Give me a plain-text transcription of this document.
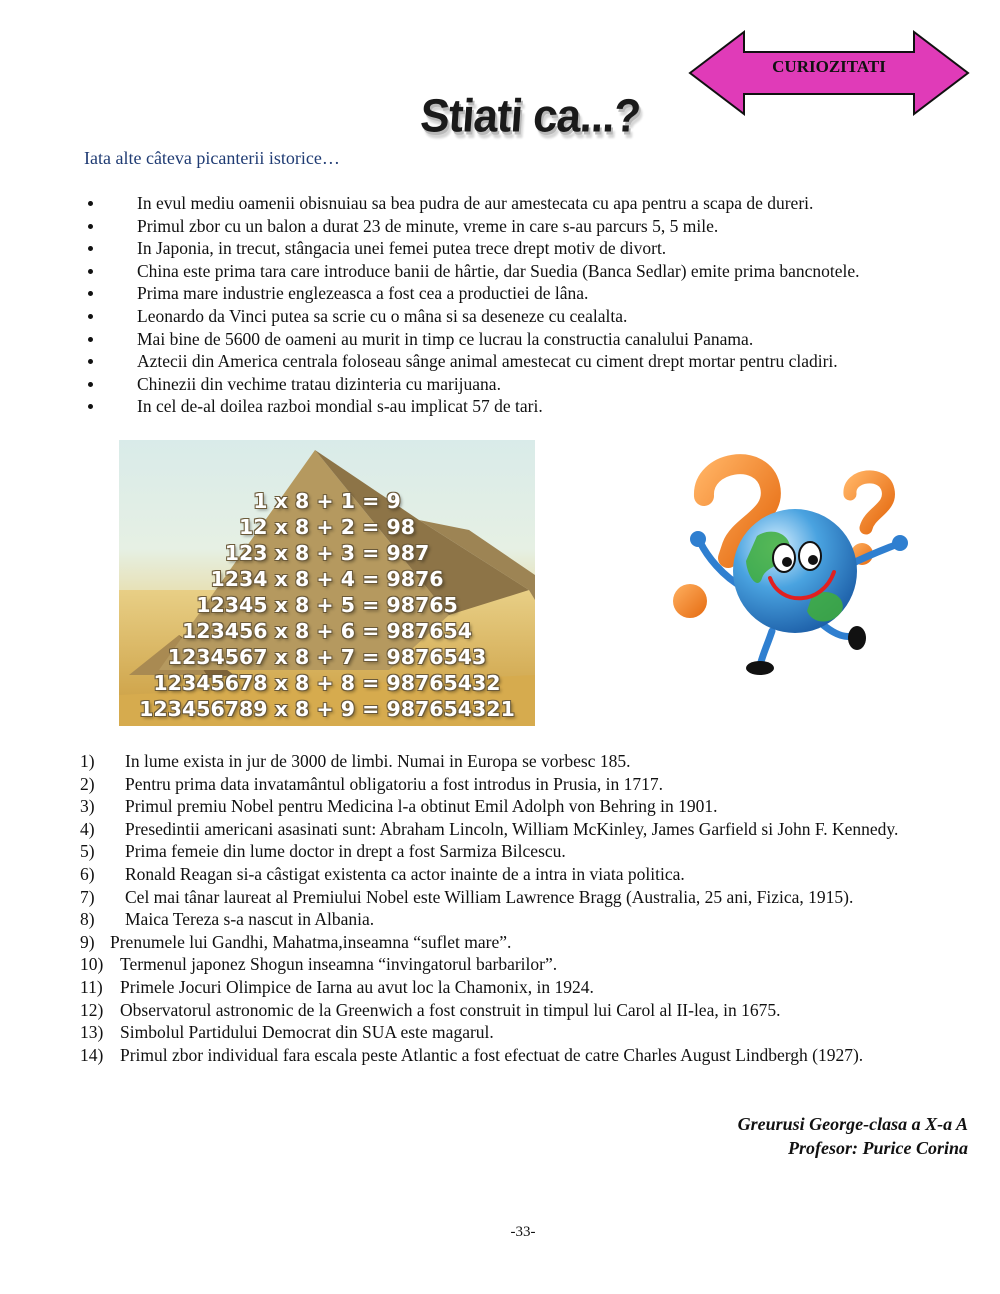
CURIOZITATI
Stiati ca...?
Iata alte câteva picanterii istorice…
In evul mediu oamenii obisnuiau sa bea pudra de aur amestecata cu apa pentru a scapa de dureri.
Primul zbor cu un balon a durat 23 de minute, vreme in care s-au parcurs 5, 5 mile.
In Japonia, in trecut, stângacia unei femei putea trece drept motiv de divort.
China este prima tara care introduce banii de hârtie, dar Suedia (Banca Sedlar) emite prima bancnotele.
Prima mare industrie englezeasca a fost cea a productiei de lâna.
Leonardo da Vinci putea sa scrie cu o mâna si sa deseneze cu cealalta.
Mai bine de 5600 de oameni au murit in timp ce lucrau la constructia canalului Panama.
Aztecii din America centrala foloseau sânge animal amestecat cu ciment drept mortar pentru cladiri.
Chinezii din vechime tratau dizinteria cu marijuana.
In cel de-al doilea razboi mondial s-au implicat 57 de tari.
1 x 8 + 1 = 9
12 x 8 + 2 = 98
123 x 8 + 3 = 987
1234 x 8 + 4 = 9876
12345 x 8 + 5 = 98765
123456 x 8 + 6 = 987654
1234567 x 8 + 7 = 9876543
12345678 x 8 + 8 = 98765432
123456789 x 8 + 9 = 987654321
1) In lume exista in jur de 3000 de limbi. Numai in Europa se vorbesc 185.
2) Pentru prima data invatamântul obligatoriu a fost introdus in Prusia, in 1717.
3) Primul premiu Nobel pentru Medicina l-a obtinut Emil Adolph von Behring in 1901.
4) Presedintii americani asasinati sunt: Abraham Lincoln, William McKinley, James Garfield si John F. Kennedy.
5) Prima femeie din lume doctor in drept a fost Sarmiza Bilcescu.
6) Ronald Reagan si-a câstigat existenta ca actor inainte de a intra in viata politica.
7) Cel mai tânar laureat al Premiului Nobel este William Lawrence Bragg (Australia, 25 ani, Fizica, 1915).
8) Maica Tereza s-a nascut in Albania.
9) Prenumele lui Gandhi, Mahatma,inseamna “suflet mare”.
10) Termenul japonez Shogun inseamna “invingatorul barbarilor”.
11) Primele Jocuri Olimpice de Iarna au avut loc la Chamonix, in 1924.
12) Observatorul astronomic de la Greenwich a fost construit in timpul lui Carol al II-lea, in 1675.
13) Simbolul Partidului Democrat din SUA este magarul.
14) Primul zbor individual fara escala peste Atlantic a fost efectuat de catre Charles August Lindbergh (1927).
Greurusi George-clasa a X-a A
Profesor: Purice Corina
-33-
